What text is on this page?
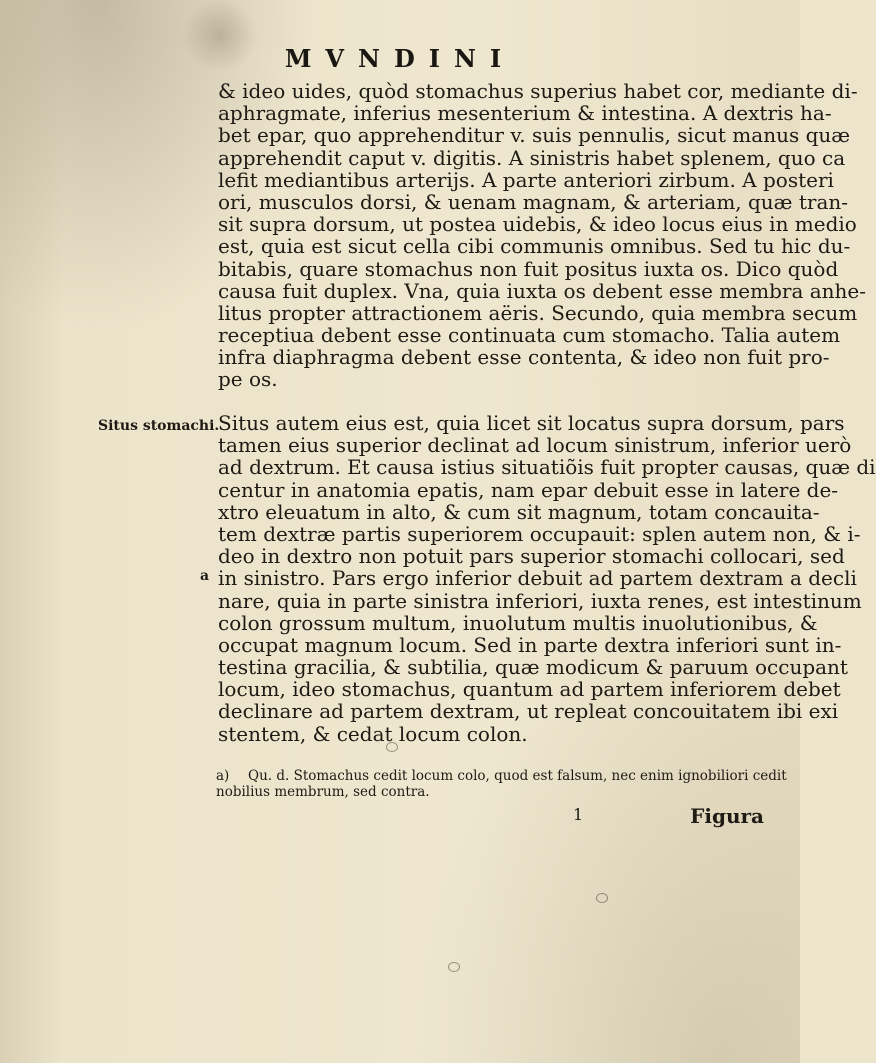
MVNDINI
& ideo uides, quòd stomachus superius habet cor, mediante di-
aphragmate, inferius mesenterium & intestina. A dextris ha-
bet epar, quo apprehenditur v. suis pennulis, sicut manus quæ
apprehendit caput v. digitis. A sinistris habet splenem, quo ca
lefit mediantibus arterijs. A parte anteriori zirbum. A posteri
ori, musculos dorsi, & uenam magnam, & arteriam, quæ tran-
sit supra dorsum, ut postea uidebis, & ideo locus eius in medio
est, quia est sicut cella cibi communis omnibus. Sed tu hic du-
bitabis, quare stomachus non fuit positus iuxta os. Dico quòd
causa fuit duplex. Vna, quia iuxta os debent esse membra anhe-
litus propter attractionem aëris. Secundo, quia membra secum
receptiua debent esse continuata cum stomacho. Talia autem
infra diaphragma debent esse contenta, & ideo non fuit pro-
pe os.
Situs stomachi.
Situs autem eius est, quia licet sit locatus supra dorsum, pars
tamen eius superior declinat ad locum sinistrum, inferior uerò
ad dextrum. Et causa istius situatiõis fuit propter causas, quæ di
centur in anatomia epatis, nam epar debuit esse in latere de-
xtro eleuatum in alto, & cum sit magnum, totam concauita-
tem dextræ partis superiorem occupauit: splen autem non, & i-
deo in dextro non potuit pars superior stomachi collocari, sed
in sinistro. Pars ergo inferior debuit ad partem dextram a decli
nare, quia in parte sinistra inferiori, iuxta renes, est intestinum
colon grossum multum, inuolutum multis inuolutionibus, &
occupat magnum locum. Sed in parte dextra inferiori sunt in-
testina gracilia, & subtilia, quæ modicum & paruum occupant
locum, ideo stomachus, quantum ad partem inferiorem debet
declinare ad partem dextram, ut repleat concouitatem ibi exi
stentem, & cedat locum colon.
a
a)	Qu. d. Stomachus cedit locum colo, quod est falsum, nec enim ignobiliori cedit
nobilius membrum, sed contra.
1	Figura
